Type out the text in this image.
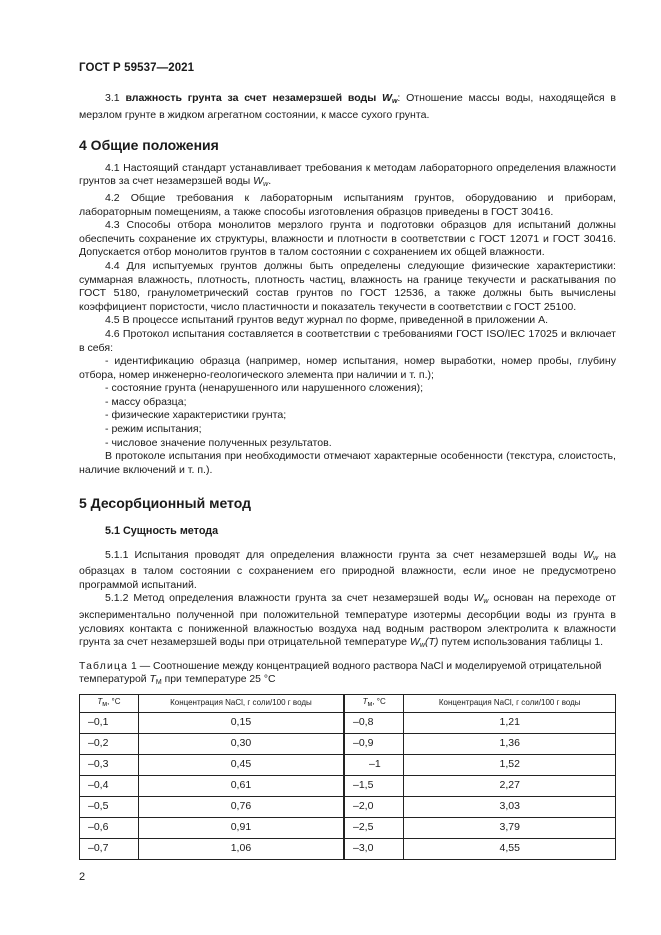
ГОСТ Р 59537—2021

3.1 влажность грунта за счет незамерзшей воды $W_w$: Отношение массы воды, находящейся в мерзлом грунте в жидком агрегатном состоянии, к массе сухого грунта.

4 Общие положения

4.1 Настоящий стандарт устанавливает требования к методам лабораторного определения влажности грунтов за счет незамерзшей воды $W_w$.

4.2 Общие требования к лабораторным испытаниям грунтов, оборудованию и приборам, лабораторным помещениям, а также способы изготовления образцов приведены в ГОСТ 30416.

4.3 Способы отбора монолитов мерзлого грунта и подготовки образцов для испытаний должны обеспечить сохранение их структуры, влажности и плотности в соответствии с ГОСТ 12071 и ГОСТ 30416. Допускается отбор монолитов грунтов в талом состоянии с сохранением их общей влажности.

4.4 Для испытуемых грунтов должны быть определены следующие физические характеристики: суммарная влажность, плотность, плотность частиц, влажность на границе текучести и раскатывания по ГОСТ 5180, гранулометрический состав грунтов по ГОСТ 12536, а также должны быть вычислены коэффициент пористости, число пластичности и показатель текучести в соответствии с ГОСТ 25100.

4.5 В процессе испытаний грунтов ведут журнал по форме, приведенной в приложении А.

4.6 Протокол испытания составляется в соответствии с требованиями ГОСТ ISO/IEC 17025 и включает в себя:

- идентификацию образца (например, номер испытания, номер выработки, номер пробы, глубину отбора, номер инженерно-геологического элемента при наличии и т. п.);

- состояние грунта (ненарушенного или нарушенного сложения);

- массу образца;

- физические характеристики грунта;

- режим испытания;

- числовое значение полученных результатов.

В протоколе испытания при необходимости отмечают характерные особенности (текстура, слоистость, наличие включений и т. п.).

5 Десорбционный метод
5.1 Сущность метода

5.1.1 Испытания проводят для определения влажности грунта за счет незамерзшей воды $W_w$ на образцах в талом состоянии с сохранением его природной влажности, если иное не предусмотрено программой испытаний.

5.1.2 Метод определения влажности грунта за счет незамерзшей воды $W_w$ основан на переходе от экспериментально полученной при положительной температуре изотермы десорбции воды из грунта в условиях контакта с пониженной влажностью воздуха над водным раствором электролита к влажности грунта за счет незамерзшей воды при отрицательной температуре $W_w(T)$ путем использования таблицы 1.

Таблица 1 — Соотношение между концентрацией водного раствора NaCl и моделируемой отрицательной температурой $T_M$ при температуре 25 °С

Tм, °С	Концентрация NaCl, г соли/100 г воды	Tм, °С	Концентрация NaCl, г соли/100 г воды
–0,1	0,15	–0,8	1,21
–0,2	0,30	–0,9	1,36
–0,3	0,45	–1	1,52
–0,4	0,61	–1,5	2,27
–0,5	0,76	–2,0	3,03
–0,6	0,91	–2,5	3,79
–0,7	1,06	–3,0	4,55
2
